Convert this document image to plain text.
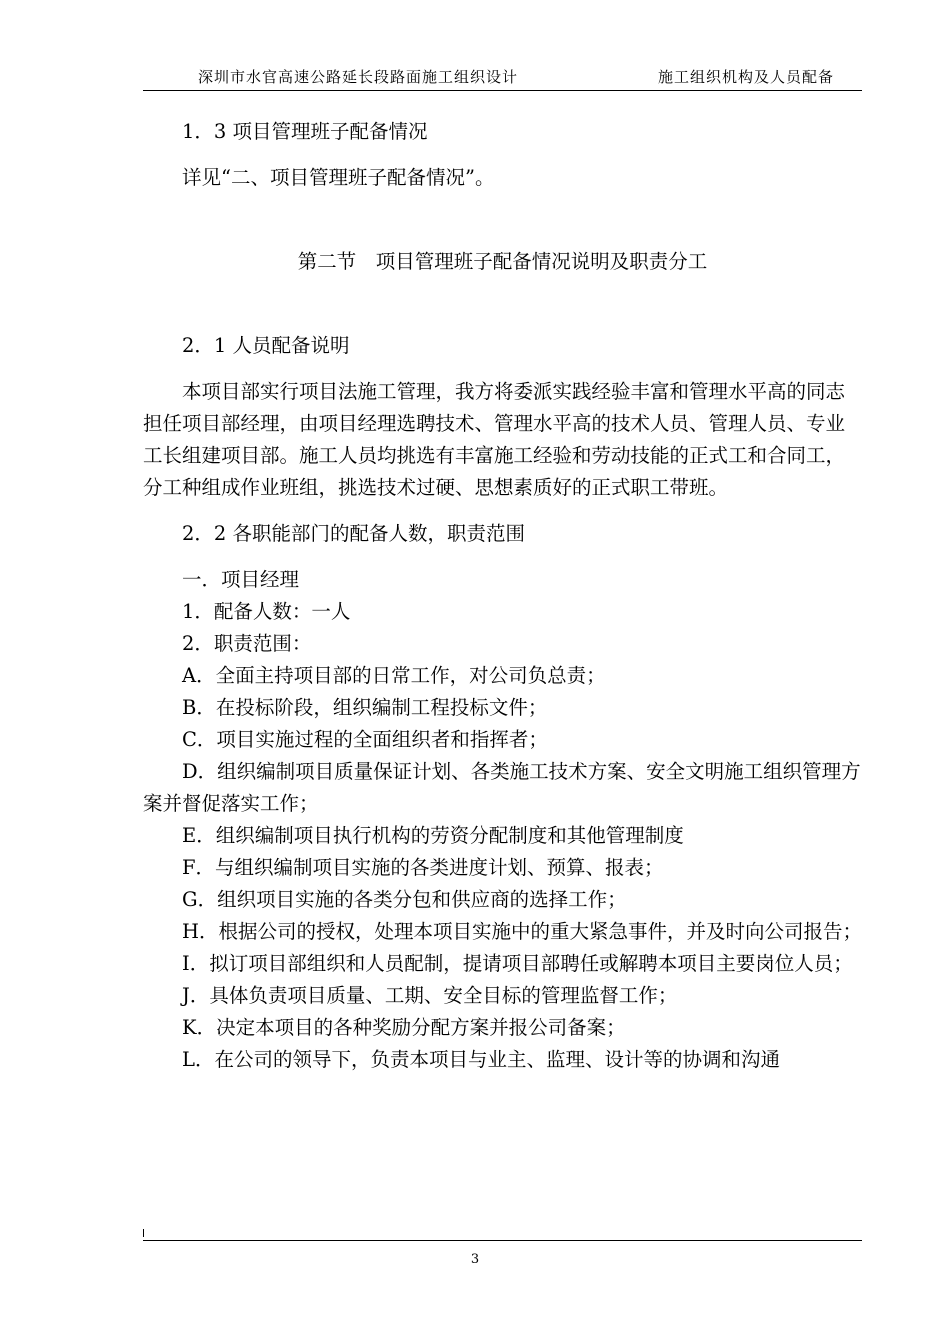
深圳市水官高速公路延长段路面施工组织设计	施工组织机构及人员配备

1．3 项目管理班子配备情况

详见“二、项目管理班子配备情况”。

第二节　项目管理班子配备情况说明及职责分工

2．1 人员配备说明

本项目部实行项目法施工管理，我方将委派实践经验丰富和管理水平高的同志担任项目部经理，由项目经理选聘技术、管理水平高的技术人员、管理人员、专业工长组建项目部。施工人员均挑选有丰富施工经验和劳动技能的正式工和合同工，分工种组成作业班组，挑选技术过硬、思想素质好的正式职工带班。

2．2 各职能部门的配备人数，职责范围

一．项目经理

1．配备人数：一人

2．职责范围：

A．全面主持项目部的日常工作，对公司负总责；

B．在投标阶段，组织编制工程投标文件；

C．项目实施过程的全面组织者和指挥者；

D．组织编制项目质量保证计划、各类施工技术方案、安全文明施工组织管理方案并督促落实工作；

E．组织编制项目执行机构的劳资分配制度和其他管理制度

F．与组织编制项目实施的各类进度计划、预算、报表；

G．组织项目实施的各类分包和供应商的选择工作；

H．根据公司的授权，处理本项目实施中的重大紧急事件，并及时向公司报告；

I．拟订项目部组织和人员配制，提请项目部聘任或解聘本项目主要岗位人员；

J．具体负责项目质量、工期、安全目标的管理监督工作；

K．决定本项目的各种奖励分配方案并报公司备案；

L．在公司的领导下，负责本项目与业主、监理、设计等的协调和沟通

3
